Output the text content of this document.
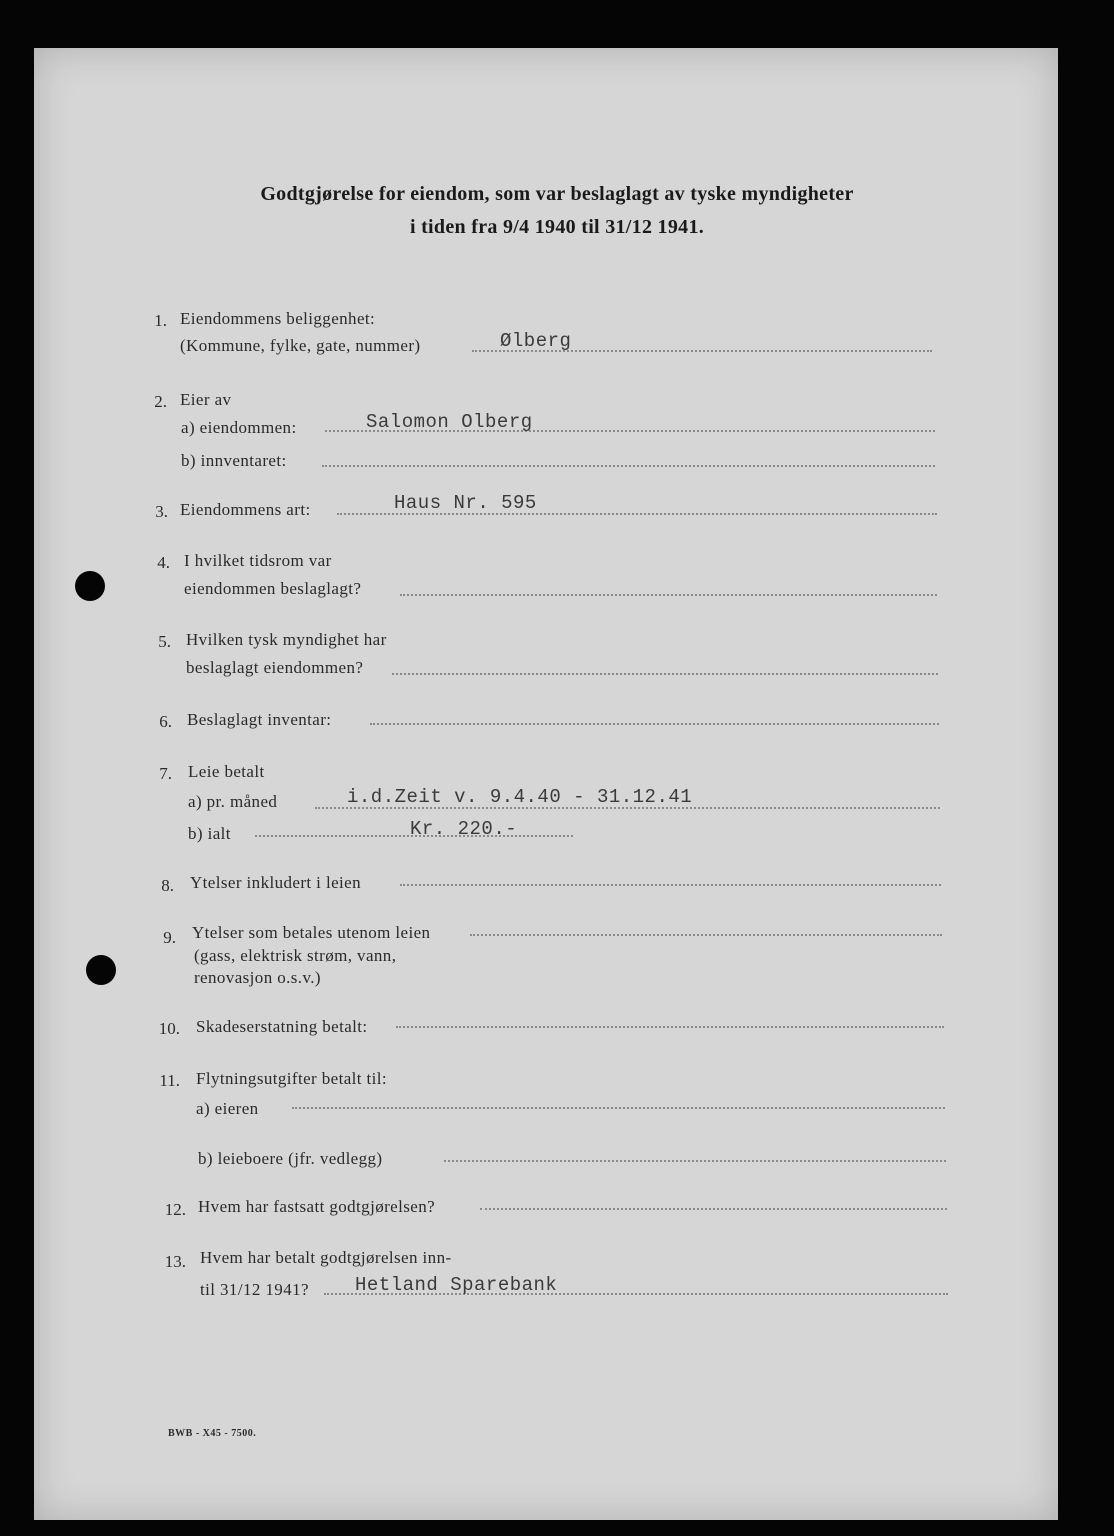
Godtgjørelse for eiendom, som var beslaglagt av tyske myndigheter
i tiden fra 9/4 1940 til 31/12 1941.
1. Eiendommens beliggenhet:
(Kommune, fylke, gate, nummer)	Ølberg
2. Eier av
a) eiendommen:	Salomon Olberg
b) innventaret:
3. Eiendommens art:	Haus Nr. 595
4. I hvilket tidsrom var
eiendommen beslaglagt?
5. Hvilken tysk myndighet har
beslaglagt eiendommen?
6. Beslaglagt inventar:
7. Leie betalt
a) pr. måned	i.d.Zeit v. 9.4.40 - 31.12.41
b) ialt	Kr. 220.-
8. Ytelser inkludert i leien
9. Ytelser som betales utenom leien
(gass, elektrisk strøm, vann,
renovasjon o.s.v.)
10. Skadeserstatning betalt:
11. Flytningsutgifter betalt til:
a) eieren
b) leieboere (jfr. vedlegg)
12. Hvem har fastsatt godtgjørelsen?
13. Hvem har betalt godtgjørelsen inn-
til 31/12 1941? Hetland Sparebank
BWB - X45 - 7500.
